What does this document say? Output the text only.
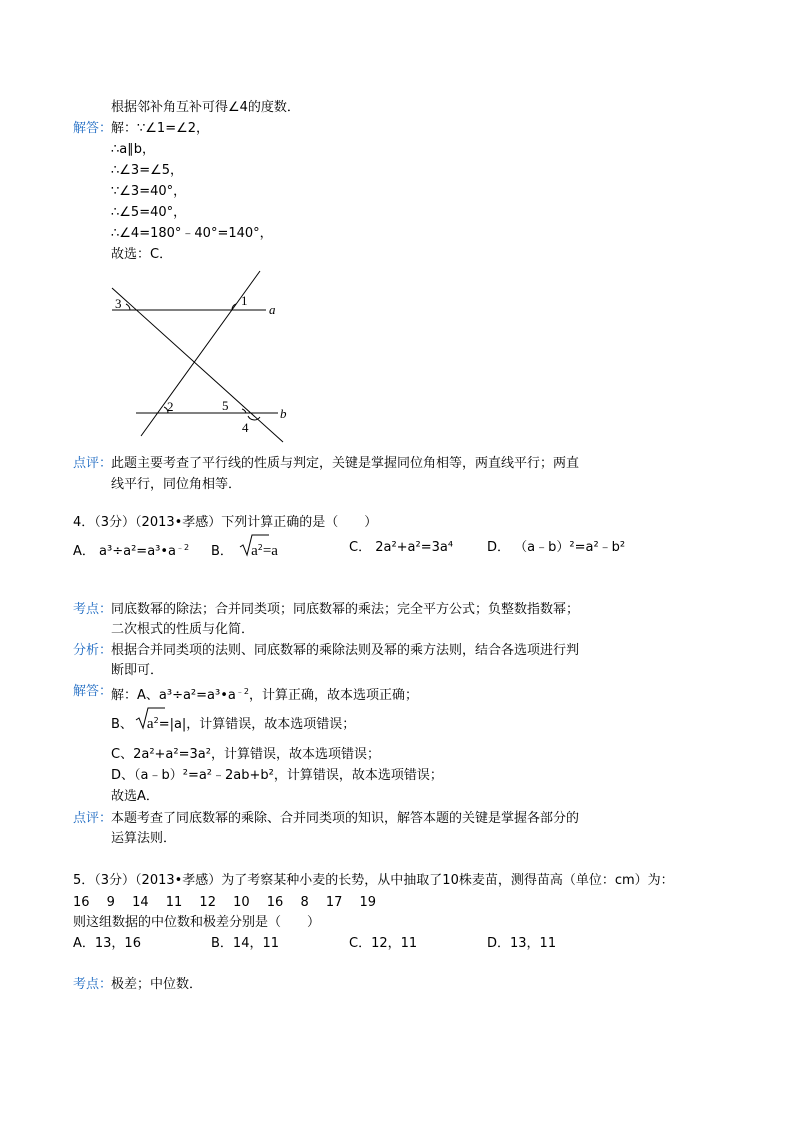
根据邻补角互补可得∠4的度数．
解答：
解：∵∠1=∠2，
∴a∥b，
∴∠3=∠5，
∵∠3=40°，
∴∠5=40°，
∴∠4=180°﹣40°=140°，
故选：C．
a
b
1
2
3
5
4
点评：
此题主要考查了平行线的性质与判定，关键是掌握同位角相等，两直线平行；两直
线平行，同位角相等．
4．（3分）（2013•孝感）下列计算正确的是（　　）
A． $a^3\div a^2=a^3•a^{﹣2}$ B． $a^2=a$	C． 2a²+a²=3a⁴	D． （a﹣b）²=a²﹣b²
考点：
同底数幂的除法；合并同类项；同底数幂的乘法；完全平方公式；负整数指数幂；
二次根式的性质与化简．
分析：
根据合并同类项的法则、同底数幂的乘除法则及幂的乘方法则，结合各选项进行判
断即可．
解答：
解：A、$a^3\div a^2=a^3•a^{﹣2}$，计算正确，故本选项正确；
B、 $a^2=|a|$，计算错误，故本选项错误；
C、2a²+a²=3a²，计算错误，故本选项错误；
D、（a﹣b）²=a²﹣2ab+b²，计算错误，故本选项错误；
故选A．
点评：
本题考查了同底数幂的乘除、合并同类项的知识，解答本题的关键是掌握各部分的
运算法则．
5．（3分）（2013•孝感）为了考察某种小麦的长势，从中抽取了10株麦苗，测得苗高（单位：cm）为：
16　 9　 14　 11　 12　 10　 16　 8　 17　 19
则这组数据的中位数和极差分别是（　　）
A．13，16	B．14，11	C．12，11	D．13，11
考点：
极差；中位数．
